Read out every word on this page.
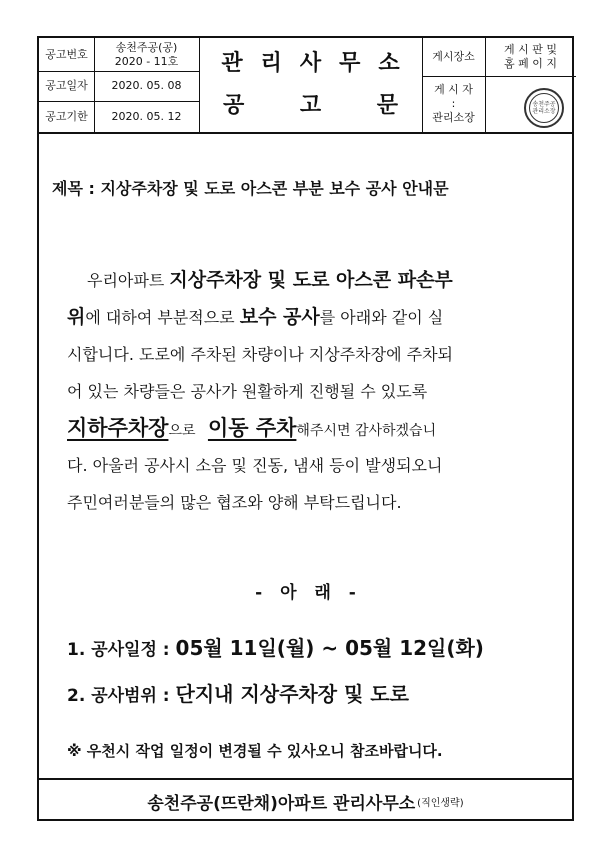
공고번호
송천주공(공)
2020 - 11호
공고일자	2020. 05. 08
공고기한	2020. 05. 12
관리사무소
공 고 문
게시장소
게 시 판 및
홈 페 이 지
게 시 자
:
관리소장
송천주공
관리소장
제목 : 지상주차장 및 도로 아스콘 부분 보수 공사 안내문
우리아파트 지상주차장 및 도로 아스콘 파손부
위에 대하여 부분적으로 보수 공사를 아래와 같이 실
시합니다. 도로에 주차된 차량이나 지상주차장에 주차되
어 있는 차량들은 공사가 원활하게 진행될 수 있도록
지하주차장으로 이동 주차해주시면 감사하겠습니
다. 아울러 공사시 소음 및 진동, 냄새 등이 발생되오니
주민여러분들의 많은 협조와 양해 부탁드립니다.
- 아 래 -
1. 공사일정 : 05월 11일(월) ~ 05월 12일(화)
2. 공사범위 : 단지내 지상주차장 및 도로
※ 우천시 작업 일정이 변경될 수 있사오니 참조바랍니다.
송천주공(뜨란채)아파트 관리사무소 (직인생략)
